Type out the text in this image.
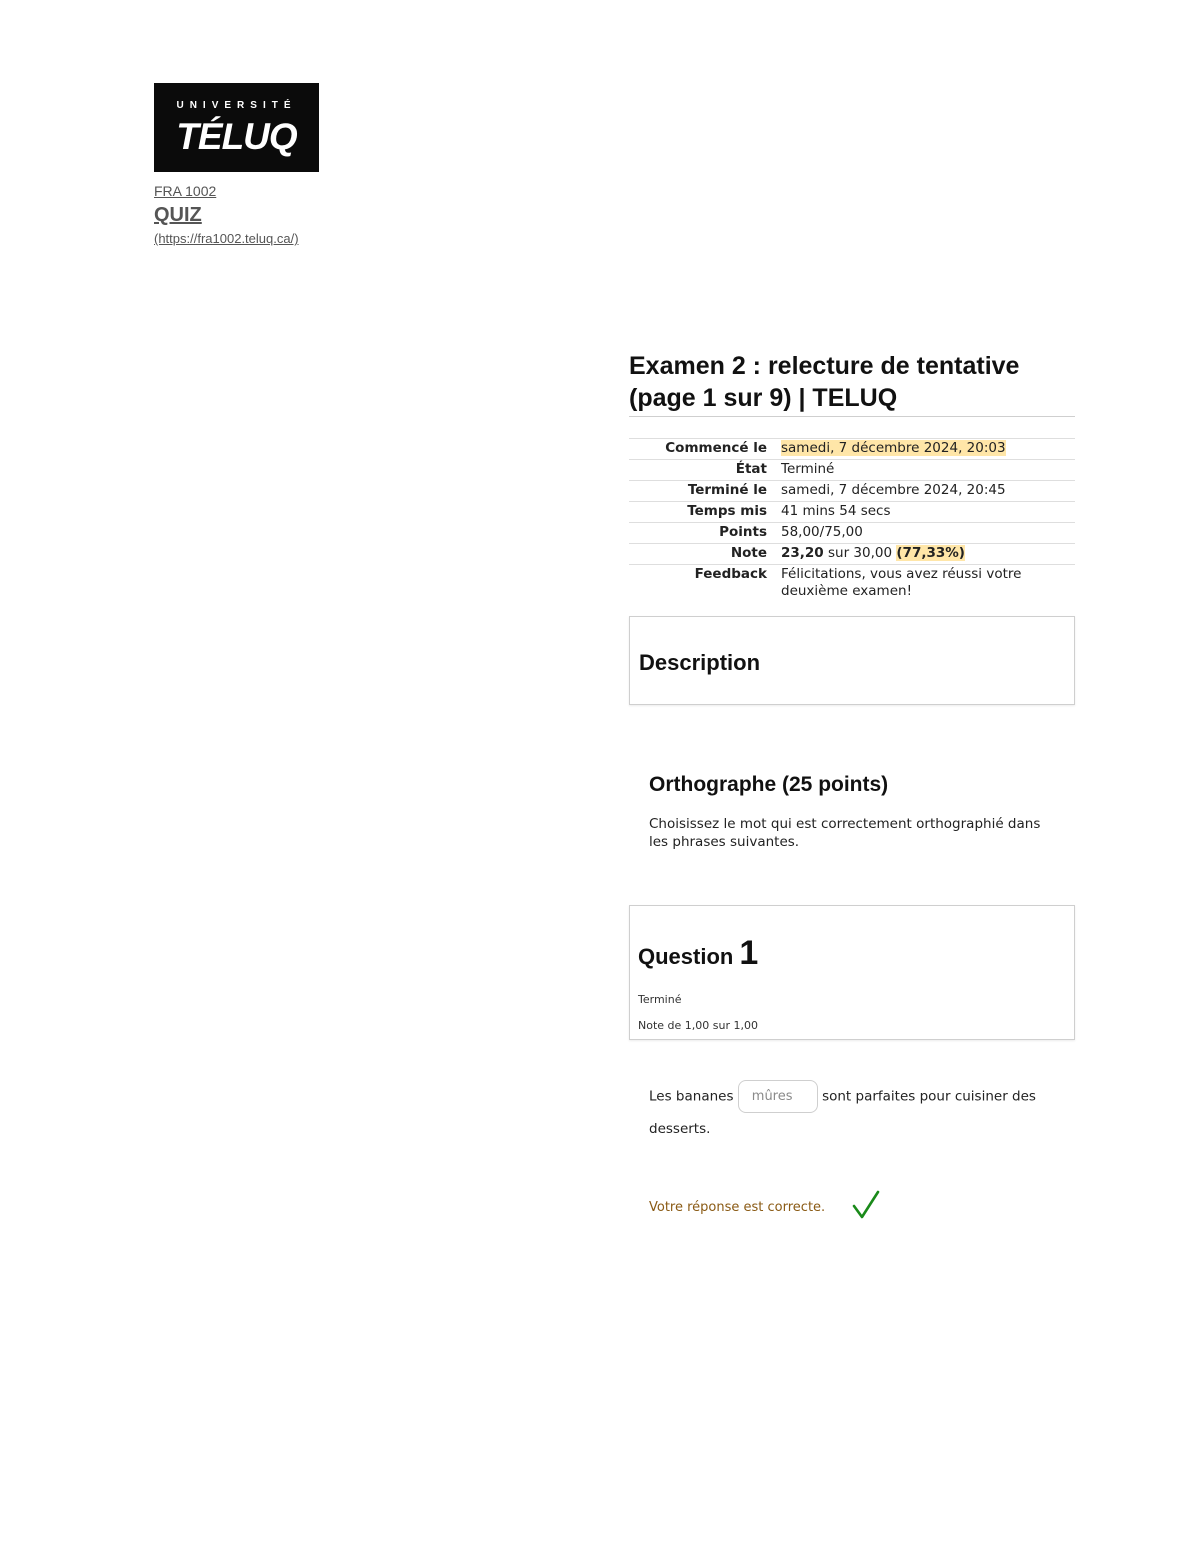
UNIVERSITÉ
TÉLUQ
FRA 1002
QUIZ
(https://fra1002.teluq.ca/)
Examen 2 : relecture de tentative (page 1 sur 9) | TELUQ
Commencé le	samedi, 7 décembre 2024, 20:03
État	Terminé
Terminé le	samedi, 7 décembre 2024, 20:45
Temps mis	41 mins 54 secs
Points	58,00/75,00
Note	23,20 sur 30,00 (77,33%)
Feedback	Félicitations, vous avez réussi votre deuxième examen!
Description
Orthographe (25 points)
Choisissez le mot qui est correctement orthographié dans les phrases suivantes.
Question 1
Terminé
Note de 1,00 sur 1,00
Les bananes mûres sont parfaites pour cuisiner des desserts.
Votre réponse est correcte.
